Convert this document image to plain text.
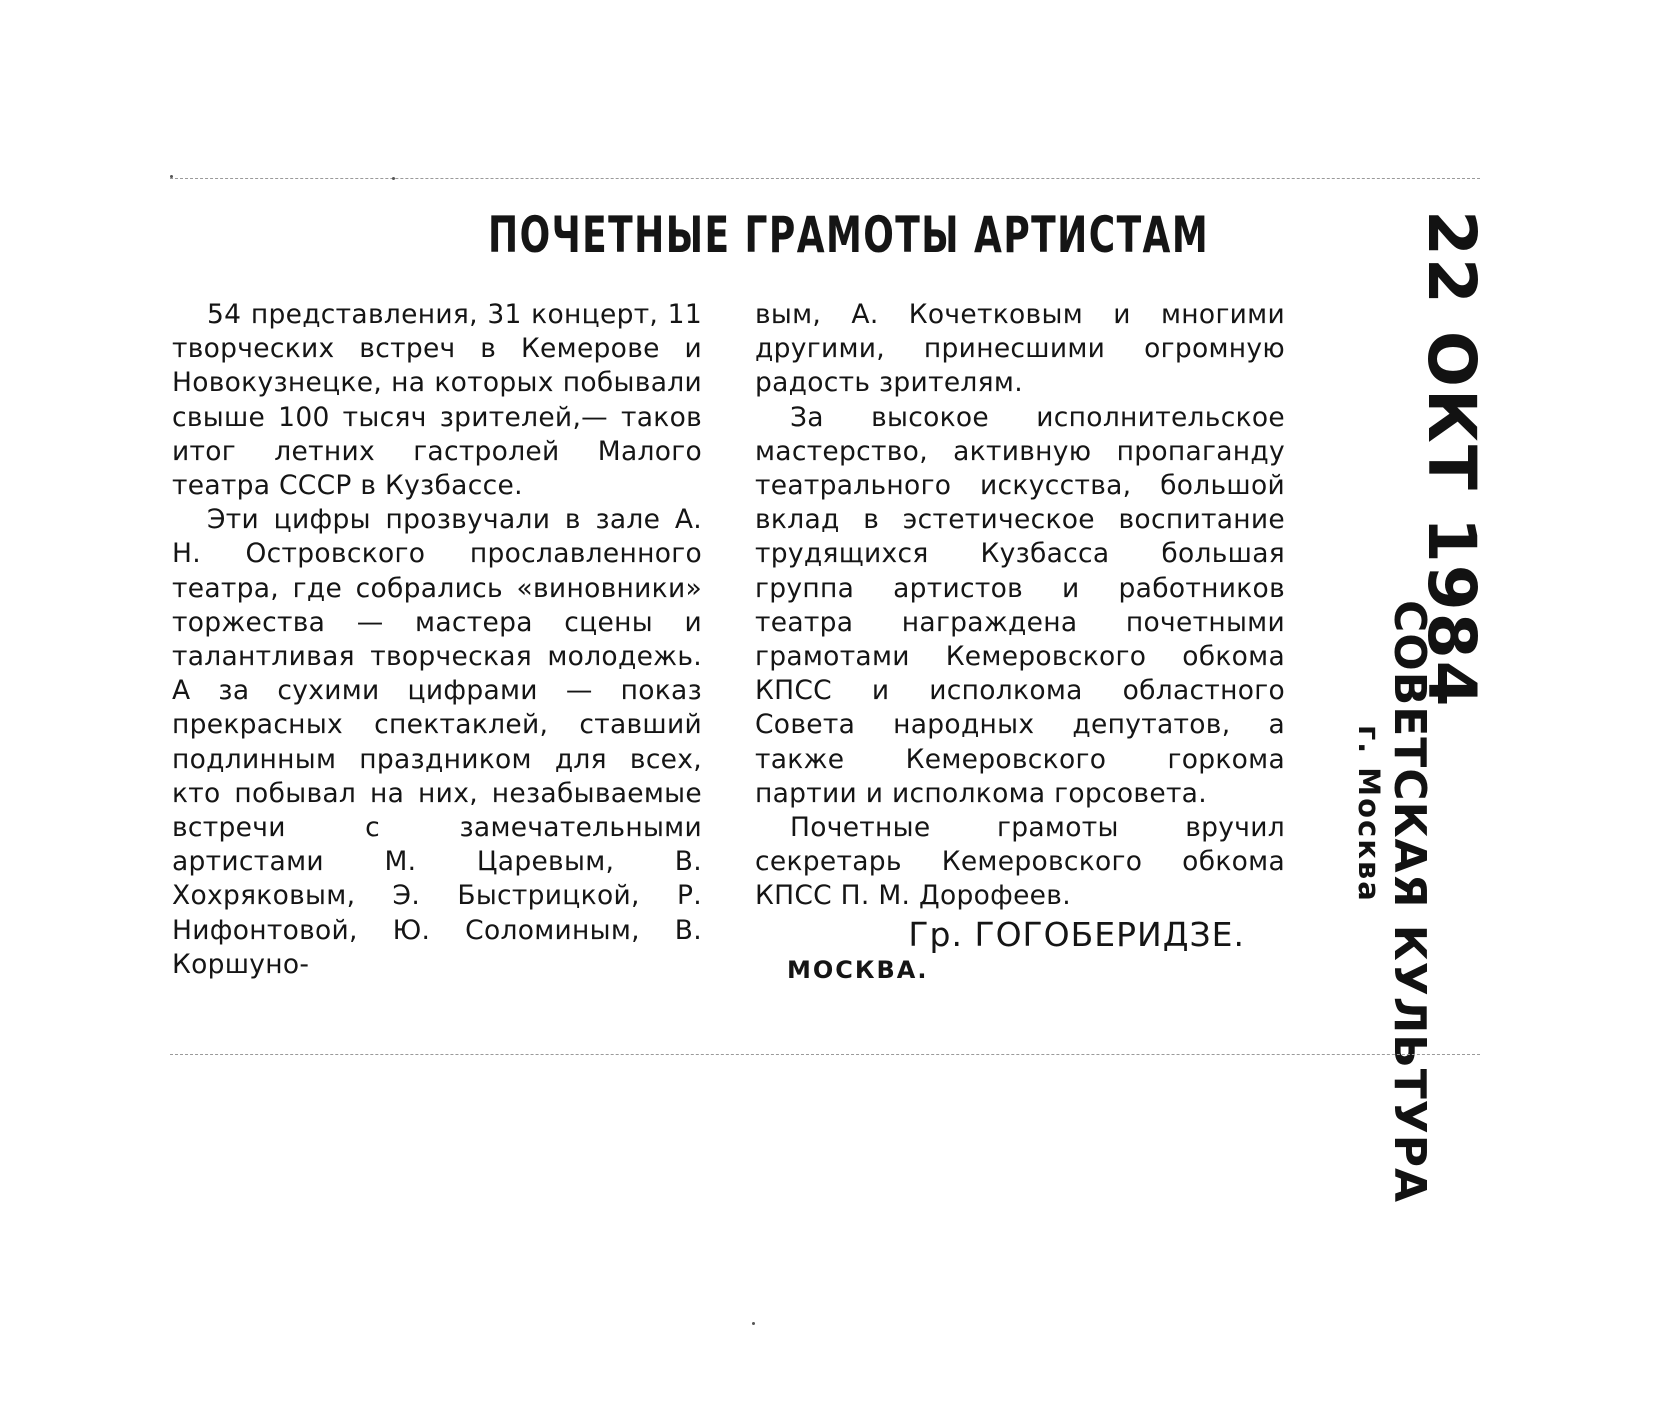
ПОЧЕТНЫЕ ГРАМОТЫ АРТИСТАМ

54 представления, 31 концерт, 11 творческих встреч в Кемерове и Новокузнецке, на которых побывали свыше 100 тысяч зрителей,— таков итог летних гастролей Малого театра СССР в Кузбассе.

Эти цифры прозвучали в зале А. Н. Островского прославленного театра, где собрались «виновники» торжества — мастера сцены и талантливая творческая молодежь. А за сухими цифрами — показ прекрасных спектаклей, ставший подлинным праздником для всех, кто побывал на них, незабываемые встречи с замечательными артистами М. Царевым, В. Хохряковым, Э. Быстрицкой, Р. Нифонтовой, Ю. Соломиным, В. Коршуно-

вым, А. Кочетковым и многими другими, принесшими огромную радость зрителям.

За высокое исполнительское мастерство, активную пропаганду театрального искусства, большой вклад в эстетическое воспитание трудящихся Кузбасса большая группа артистов и работников театра награждена почетными грамотами Кемеровского обкома КПСС и исполкома областного Совета народных депутатов, а также Кемеровского горкома партии и исполкома горсовета.

Почетные грамоты вручил секретарь Кемеровского обкома КПСС П. М. Дорофеев.

Гр. ГОГОБЕРИДЗЕ.
МОСКВА.
22 ОКТ 1984
СОВЕТСКАЯ КУЛЬТУРА
г. Москва
